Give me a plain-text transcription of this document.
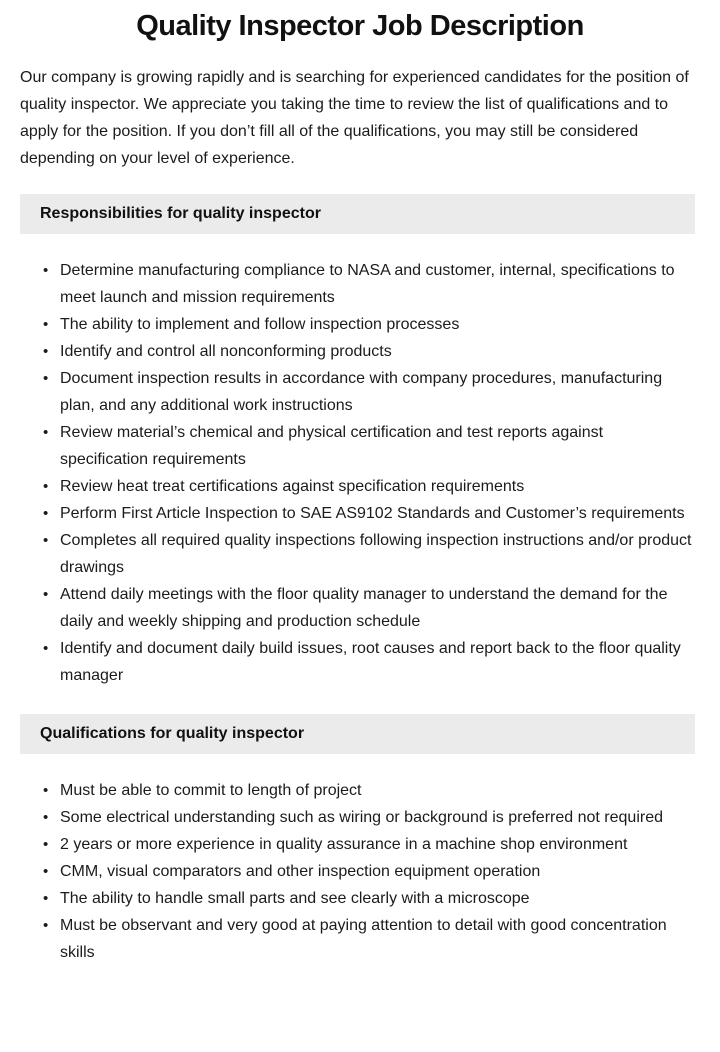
Quality Inspector Job Description

Our company is growing rapidly and is searching for experienced candidates for the position of quality inspector. We appreciate you taking the time to review the list of qualifications and to apply for the position. If you don’t fill all of the qualifications, you may still be considered depending on your level of experience.

Responsibilities for quality inspector
• Determine manufacturing compliance to NASA and customer, internal, specifications to meet launch and mission requirements
• The ability to implement and follow inspection processes
• Identify and control all nonconforming products
• Document inspection results in accordance with company procedures, manufacturing plan, and any additional work instructions
• Review material’s chemical and physical certification and test reports against specification requirements
• Review heat treat certifications against specification requirements
• Perform First Article Inspection to SAE AS9102 Standards and Customer’s requirements
• Completes all required quality inspections following inspection instructions and/or product drawings
• Attend daily meetings with the floor quality manager to understand the demand for the daily and weekly shipping and production schedule
• Identify and document daily build issues, root causes and report back to the floor quality manager
Qualifications for quality inspector
• Must be able to commit to length of project
• Some electrical understanding such as wiring or background is preferred not required
• 2 years or more experience in quality assurance in a machine shop environment
• CMM, visual comparators and other inspection equipment operation
• The ability to handle small parts and see clearly with a microscope
• Must be observant and very good at paying attention to detail with good concentration skills
